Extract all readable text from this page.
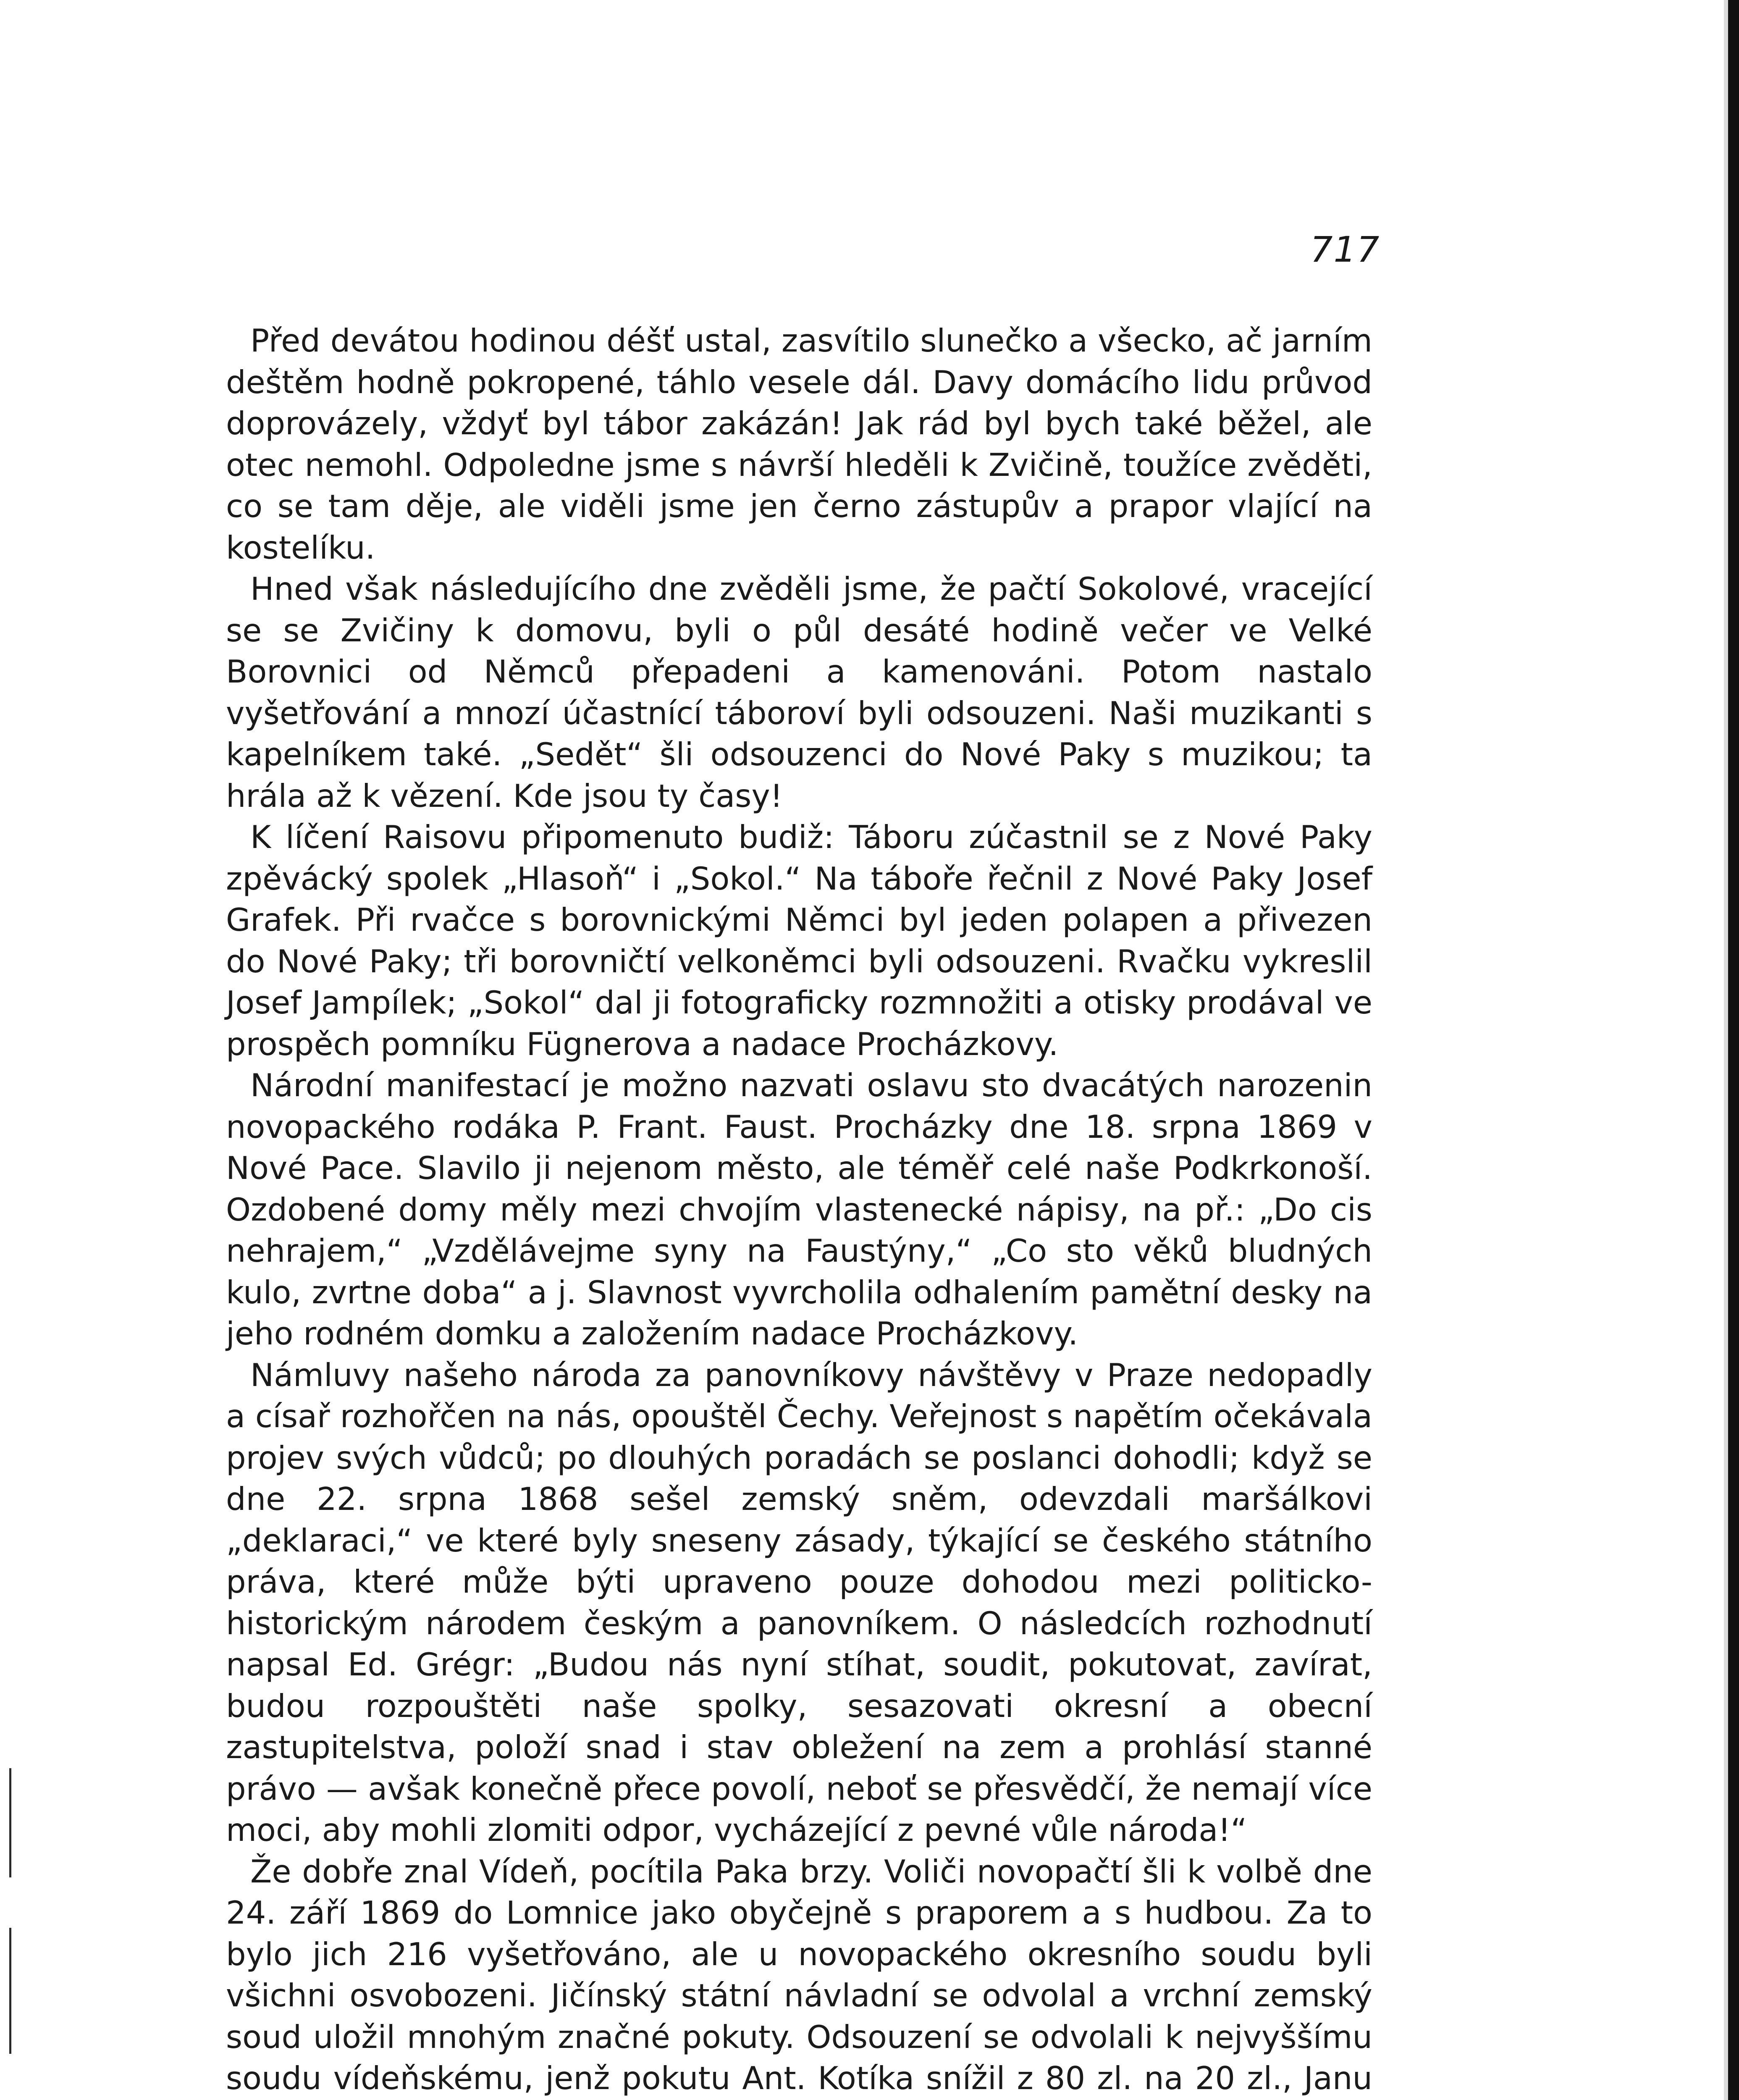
717

Před devátou hodinou déšť ustal, zasvítilo slunečko a všecko, ač jarním deštěm hodně pokropené, táhlo vesele dál. Davy domácího lidu průvod doprovázely, vždyť byl tábor zakázán! Jak rád byl bych také běžel, ale otec nemohl. Odpoledne jsme s návrší hleděli k Zvičině, toužíce zvěděti, co se tam děje, ale viděli jsme jen černo zástupův a prapor vlající na kostelíku.

Hned však následujícího dne zvěděli jsme, že pačtí Sokolové, vracející se se Zvičiny k domovu, byli o půl desáté hodině večer ve Velké Borovnici od Němců přepadeni a kamenováni. Potom nastalo vyšetřování a mnozí účastnící táboroví byli odsouzeni. Naši muzikanti s kapelníkem také. „Sedět“ šli odsouzenci do Nové Paky s muzikou; ta hrála až k vězení. Kde jsou ty časy!

K líčení Raisovu připomenuto budiž: Táboru zúčastnil se z Nové Paky zpěvácký spolek „Hlasoň“ i „Sokol.“ Na táboře řečnil z Nové Paky Josef Grafek. Při rvačce s borovnickými Němci byl jeden polapen a přivezen do Nové Paky; tři borovničtí velkoněmci byli odsouzeni. Rvačku vykreslil Josef Jampílek; „Sokol“ dal ji fotograficky rozmnožiti a otisky prodával ve prospěch pomníku Fügnerova a nadace Procházkovy.

Národní manifestací je možno nazvati oslavu sto dvacátých narozenin novopackého rodáka P. Frant. Faust. Procházky dne 18. srpna 1869 v Nové Pace. Slavilo ji nejenom město, ale téměř celé naše Podkrkonoší. Ozdobené domy měly mezi chvojím vlastenecké nápisy, na př.: „Do cis nehrajem,“ „Vzdělávejme syny na Faustýny,“ „Co sto věků bludných kulo, zvrtne doba“ a j. Slavnost vyvrcholila odhalením pamětní desky na jeho rodném domku a založením nadace Procházkovy.

Námluvy našeho národa za panovníkovy návštěvy v Praze nedopadly a císař rozhořčen na nás, opouštěl Čechy. Veřejnost s napětím očekávala projev svých vůdců; po dlouhých poradách se poslanci dohodli; když se dne 22. srpna 1868 sešel zemský sněm, odevzdali maršálkovi „deklaraci,“ ve které byly sneseny zásady, týkající se českého státního práva, které může býti upraveno pouze dohodou mezi politicko-historickým národem českým a panovníkem. O následcích rozhodnutí napsal Ed. Grégr: „Budou nás nyní stíhat, soudit, pokutovat, zavírat, budou rozpouštěti naše spolky, sesazovati okresní a obecní zastupitelstva, položí snad i stav obležení na zem a prohlásí stanné právo — avšak konečně přece povolí, neboť se přesvědčí, že nemají více moci, aby mohli zlomiti odpor, vycházející z pevné vůle národa!“

Že dobře znal Vídeň, pocítila Paka brzy. Voliči novopačtí šli k volbě dne 24. září 1869 do Lomnice jako obyčejně s praporem a s hudbou. Za to bylo jich 216 vyšetřováno, ale u novopackého okresního soudu byli všichni osvobozeni. Jičínský státní návladní se odvolal a vrchní zemský soud uložil mnohým značné pokuty. Odsouzení se odvolali k nejvyššímu soudu vídeňskému, jenž pokutu Ant. Kotíka snížil z 80 zl. na 20 zl., Janu
